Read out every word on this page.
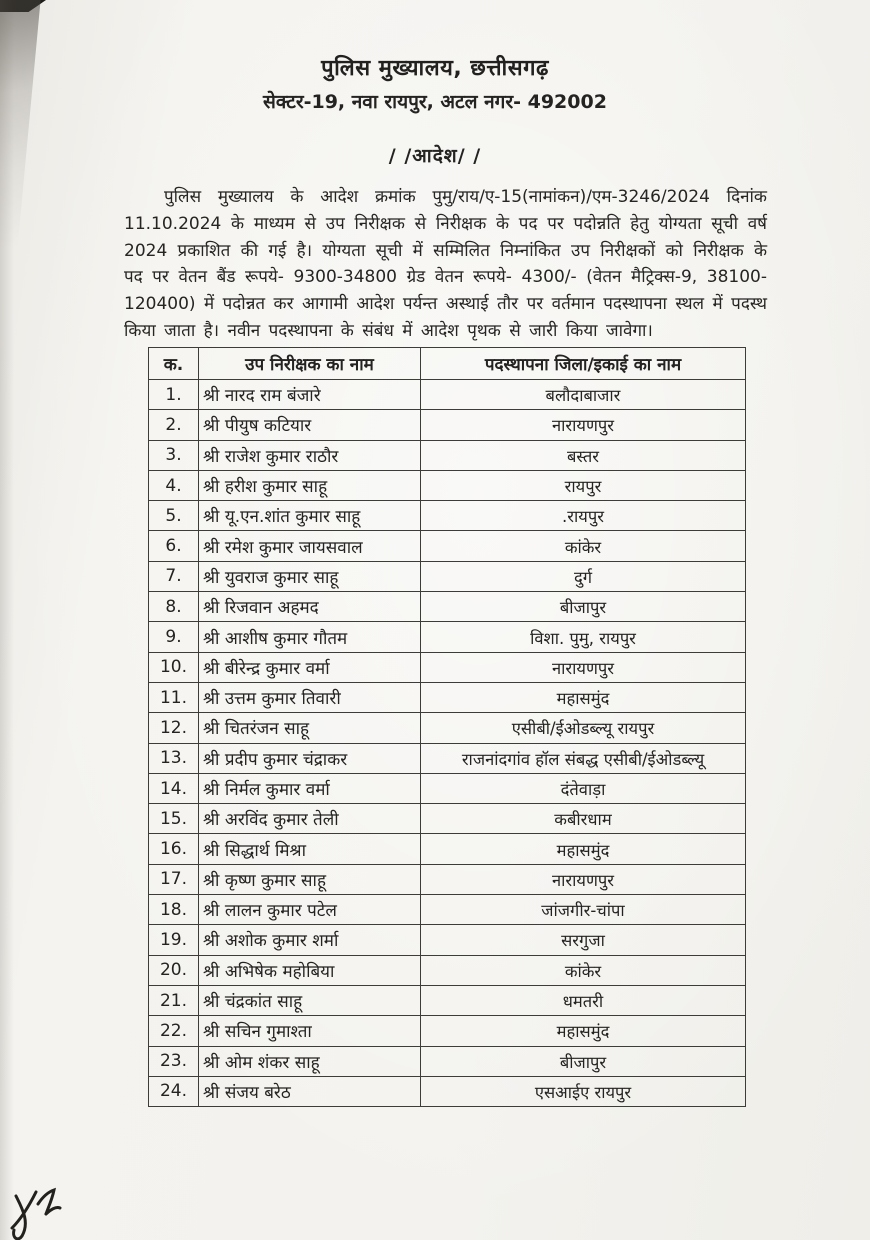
पुलिस मुख्यालय, छत्तीसगढ़
सेक्टर-19, नवा रायपुर, अटल नगर- 492002
/ /आदेश/ /

पुलिस मुख्यालय के आदेश क्रमांक पुमु/राय/ए-15(नामांकन)/एम-3246/2024 दिनांक 11.10.2024 के माध्यम से उप निरीक्षक से निरीक्षक के पद पर पदोन्नति हेतु योग्यता सूची वर्ष 2024 प्रकाशित की गई है। योग्यता सूची में सम्मिलित निम्नांकित उप निरीक्षकों को निरीक्षक के पद पर वेतन बैंड रूपये- 9300-34800 ग्रेड वेतन रूपये- 4300/- (वेतन मैट्रिक्स-9, 38100-120400) में पदोन्नत कर आगामी आदेश पर्यन्त अस्थाई तौर पर वर्तमान पदस्थापना स्थल में पदस्थ किया जाता है। नवीन पदस्थापना के संबंध में आदेश पृथक से जारी किया जावेगा।

क.	उप निरीक्षक का नाम	पदस्थापना जिला/इकाई का नाम
1.	श्री नारद राम बंजारे	बलौदाबाजार
2.	श्री पीयुष कटियार	नारायणपुर
3.	श्री राजेश कुमार राठौर	बस्तर
4.	श्री हरीश कुमार साहू	रायपुर
5.	श्री यू.एन.शांत कुमार साहू	.रायपुर
6.	श्री रमेश कुमार जायसवाल	कांकेर
7.	श्री युवराज कुमार साहू	दुर्ग
8.	श्री रिजवान अहमद	बीजापुर
9.	श्री आशीष कुमार गौतम	विशा. पुमु, रायपुर
10.	श्री बीरेन्द्र कुमार वर्मा	नारायणपुर
11.	श्री उत्तम कुमार तिवारी	महासमुंद
12.	श्री चितरंजन साहू	एसीबी/ईओडब्ल्यू रायपुर
13.	श्री प्रदीप कुमार चंद्राकर	राजनांदगांव हॉल संबद्ध एसीबी/ईओडब्ल्यू
14.	श्री निर्मल कुमार वर्मा	दंतेवाड़ा
15.	श्री अरविंद कुमार तेली	कबीरधाम
16.	श्री सिद्धार्थ मिश्रा	महासमुंद
17.	श्री कृष्ण कुमार साहू	नारायणपुर
18.	श्री लालन कुमार पटेल	जांजगीर-चांपा
19.	श्री अशोक कुमार शर्मा	सरगुजा
20.	श्री अभिषेक महोबिया	कांकेर
21.	श्री चंद्रकांत साहू	धमतरी
22.	श्री सचिन गुमाश्ता	महासमुंद
23.	श्री ओम शंकर साहू	बीजापुर
24.	श्री संजय बरेठ	एसआईए रायपुर
